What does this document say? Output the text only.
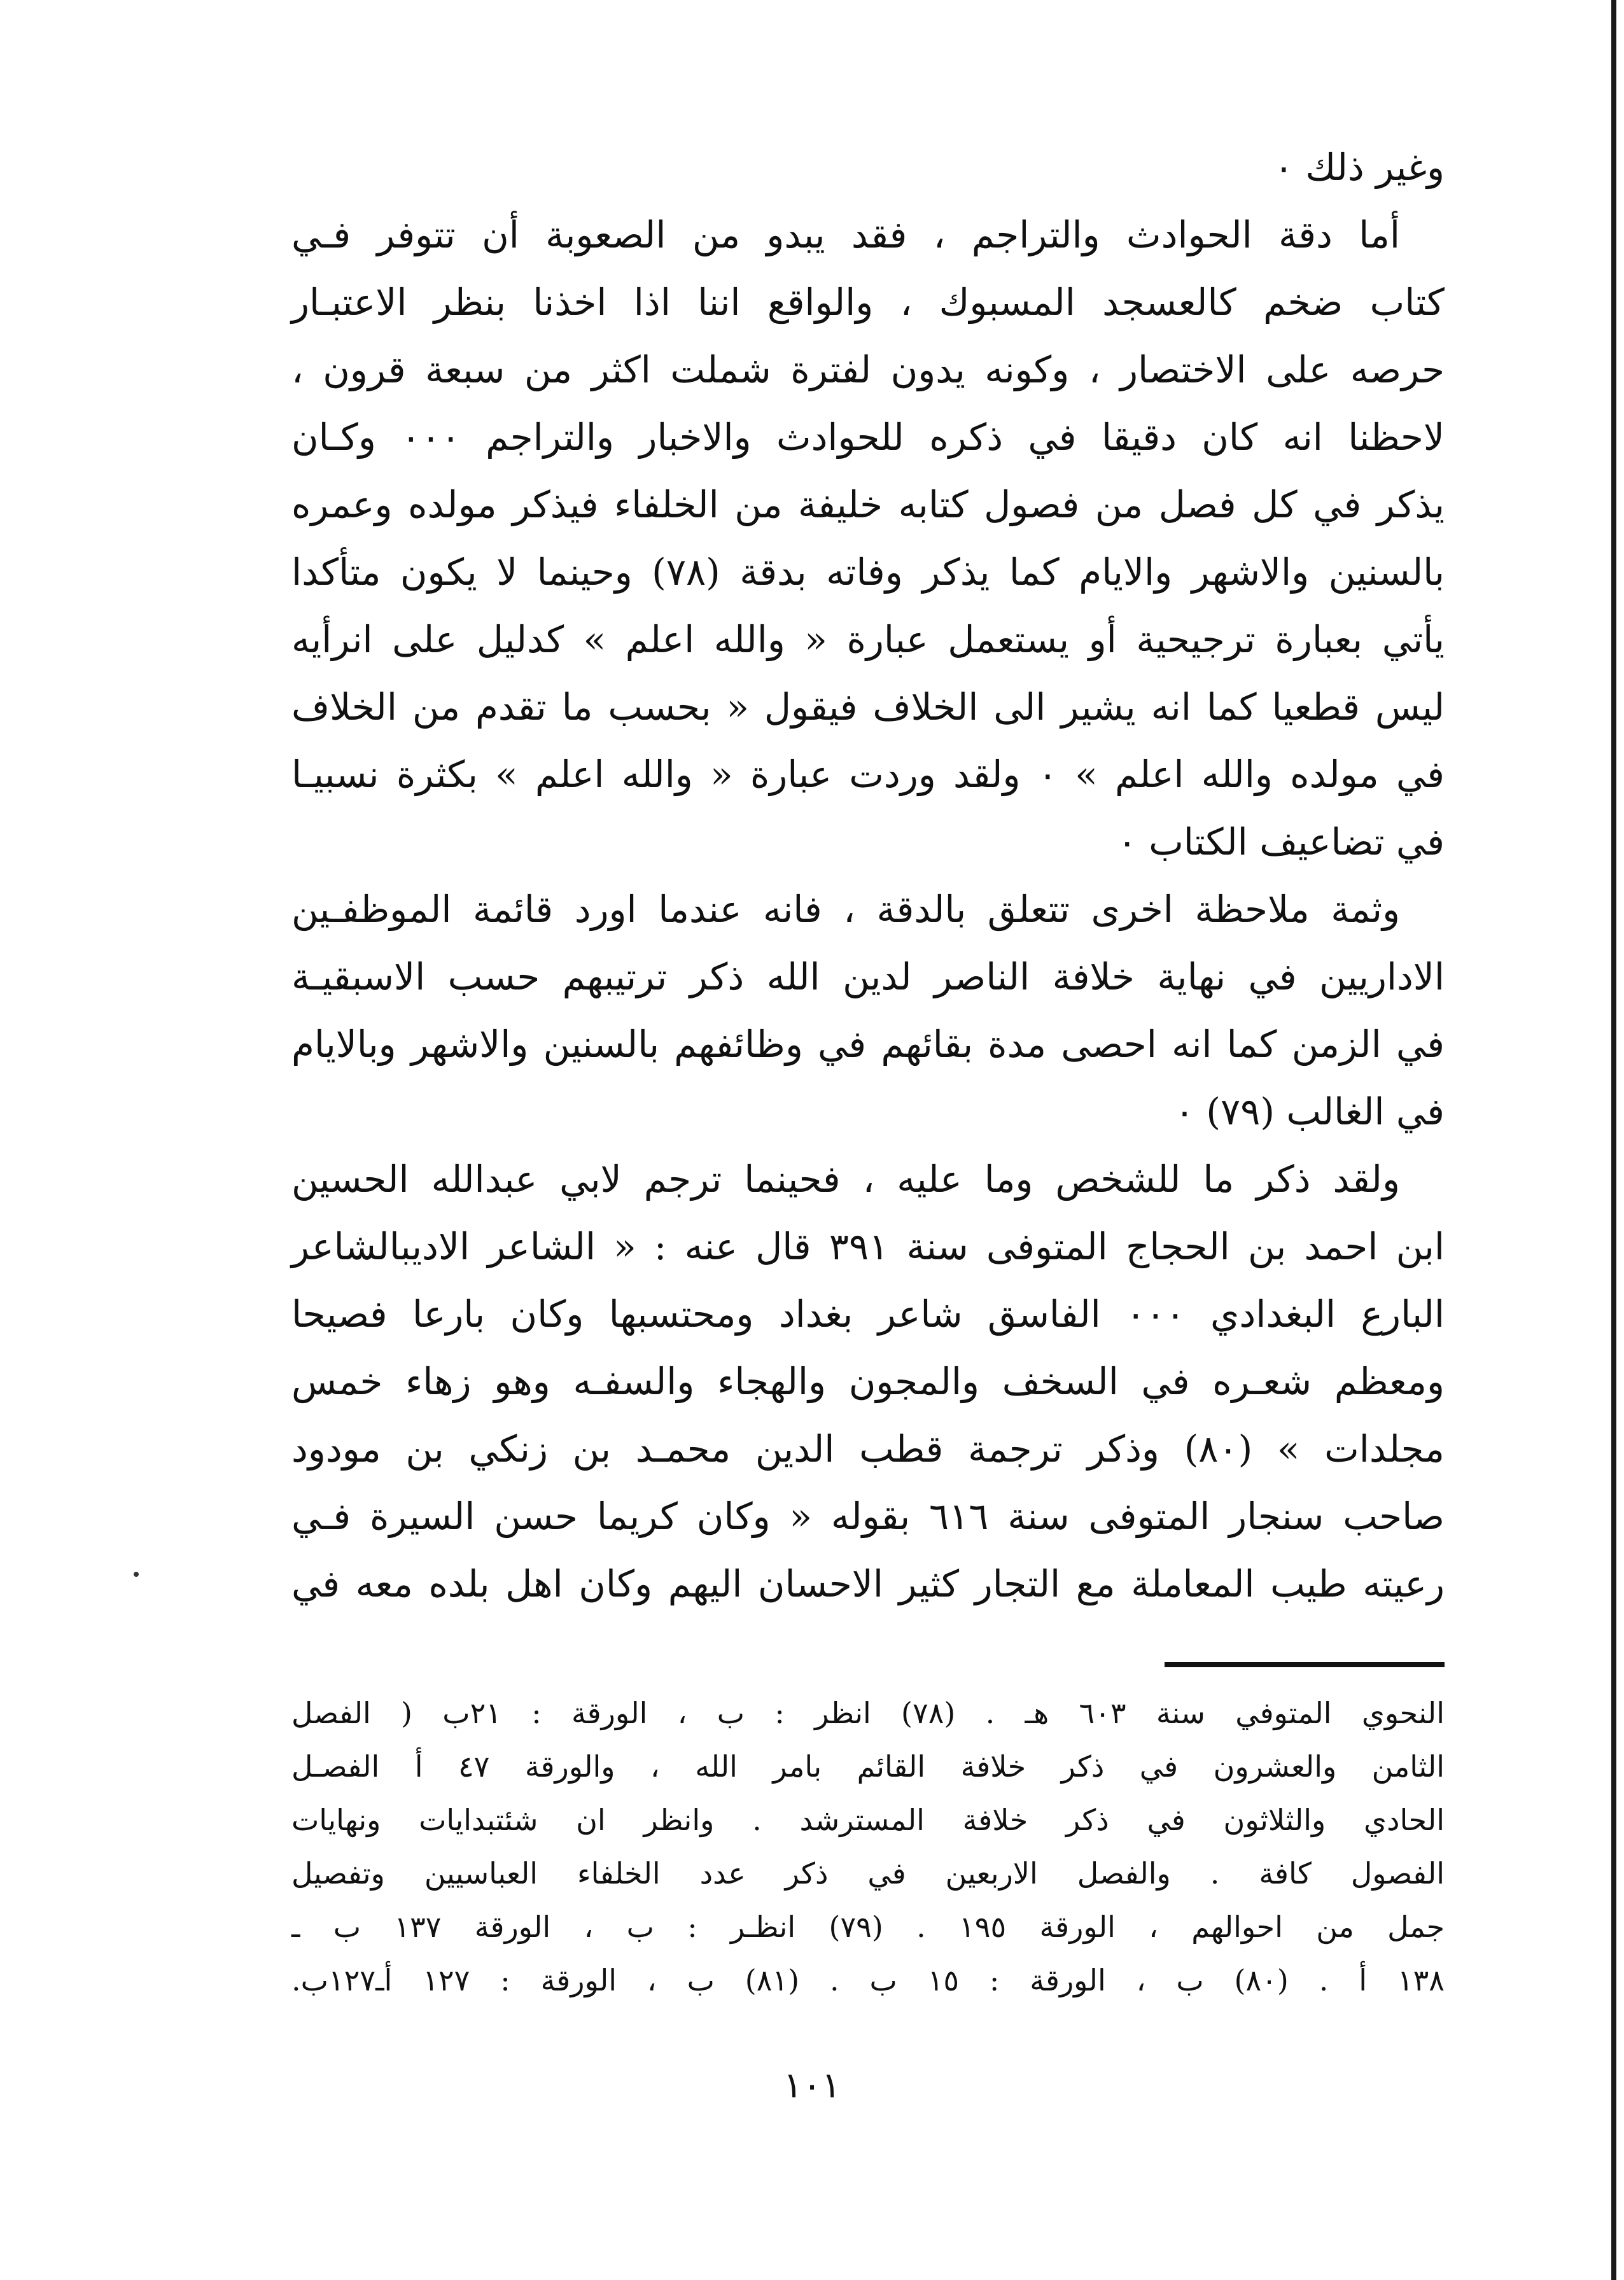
وغير ذلك ٠
أما دقة الحوادث والتراجم ، فقد يبدو من الصعوبة أن تتوفر فـي
كتاب ضخم كالعسجد المسبوك ، والواقع اننا اذا اخذنا بنظر الاعتبـار
حرصه على الاختصار ، وكونه يدون لفترة شملت اكثر من سبعة قرون ،
لاحظنا انه كان دقيقا في ذكره للحوادث والاخبار والتراجم ٠٠٠ وكـان
يذكر في كل فصل من فصول كتابه خليفة من الخلفاء فيذكر مولده وعمره
بالسنين والاشهر والايام كما يذكر وفاته بدقة (٧٨) وحينما لا يكون متأكدا
يأتي بعبارة ترجيحية أو يستعمل عبارة « والله اعلم » كدليل على انرأيه
ليس قطعيا كما انه يشير الى الخلاف فيقول « بحسب ما تقدم من الخلاف
في مولده والله اعلم » ٠ ولقد وردت عبارة « والله اعلم » بكثرة نسبيـا
في تضاعيف الكتاب ٠
وثمة ملاحظة اخرى تتعلق بالدقة ، فانه عندما اورد قائمة الموظفـين
الاداريين في نهاية خلافة الناصر لدين الله ذكر ترتيبهم حسب الاسبقيـة
في الزمن كما انه احصى مدة بقائهم في وظائفهم بالسنين والاشهر وبالايام
في الغالب (٧٩) ٠
ولقد ذكر ما للشخص وما عليه ، فحينما ترجم لابي عبدالله الحسين
ابن احمد بن الحجاج المتوفى سنة ٣٩١ قال عنه : « الشاعر الاديبالشاعر
البارع البغدادي ٠٠٠ الفاسق شاعر بغداد ومحتسبها وكان بارعا فصيحا
ومعظم شعـره في السخف والمجون والهجاء والسفـه وهو زهاء خمس
مجلدات » (٨٠) وذكر ترجمة قطب الدين محمـد بن زنكي بن مودود
صاحب سنجار المتوفى سنة ٦١٦ بقوله « وكان كريما حسن السيرة فـي
رعيته طيب المعاملة مع التجار كثير الاحسان اليهم وكان اهل بلده معه في
النحوي المتوفي سنة ٦٠٣ هـ . (٧٨) انظر : ب ، الورقة : ٢١ب ( الفصل
الثامن والعشرون في ذكر خلافة القائم بامر الله ، والورقة ٤٧ أ الفصـل
الحادي والثلاثون في ذكر خلافة المسترشد . وانظر ان شئتبدايات ونهايات
الفصول كافة . والفصل الاربعين في ذكر عدد الخلفاء العباسيين وتفصيل
جمل من احوالهم ، الورقة ١٩٥ . (٧٩) انظـر : ب ، الورقة ١٣٧ ب ـ
١٣٨ أ . (٨٠) ب ، الورقة : ١٥ ب . (٨١) ب ، الورقة : ١٢٧ أـ١٢٧ب.
١٠١
